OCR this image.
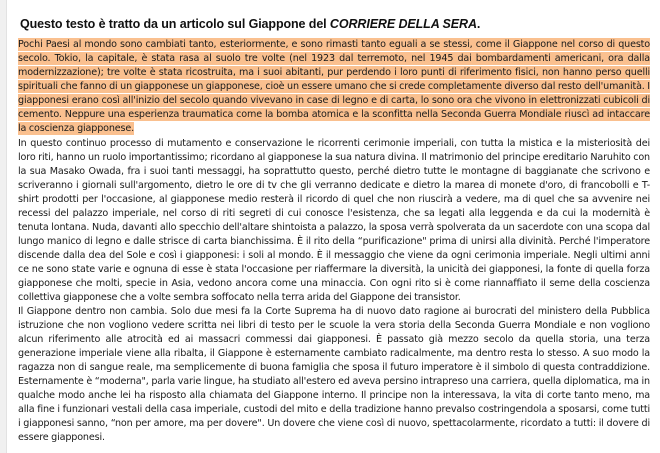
Questo testo è tratto da un articolo sul Giappone del CORRIERE DELLA SERA.

Pochi Paesi al mondo sono cambiati tanto, esteriormente, e sono rimasti tanto eguali a se stessi, come il Giappone nel corso di questo secolo. Tokio, la capitale, è stata rasa al suolo tre volte (nel 1923 dal terremoto, nel 1945 dai bombardamenti americani, ora dalla modernizzazione); tre volte è stata ricostruita, ma i suoi abitanti, pur perdendo i loro punti di riferimento fisici, non hanno perso quelli spirituali che fanno di un giapponese un giapponese, cioè un essere umano che si crede completamente diverso dal resto dell'umanità. I giapponesi erano così all'inizio del secolo quando vivevano in case di legno e di carta, lo sono ora che vivono in elettronizzati cubicoli di cemento. Neppure una esperienza traumatica come la bomba atomica e la sconfitta nella Seconda Guerra Mondiale riuscì ad intaccare la coscienza giapponese.

In questo continuo processo di mutamento e conservazione le ricorrenti cerimonie imperiali, con tutta la mistica e la misteriosità dei loro riti, hanno un ruolo importantissimo; ricordano al giapponese la sua natura divina. Il matrimonio del principe ereditario Naruhito con la sua Masako Owada, fra i suoi tanti messaggi, ha soprattutto questo, perché dietro tutte le montagne di baggianate che scrivono e scriveranno i giornali sull'argomento, dietro le ore di tv che gli verranno dedicate e dietro la marea di monete d'oro, di francobolli e T-shirt prodotti per l'occasione, al giapponese medio resterà il ricordo di quel che non riuscirà a vedere, ma di quel che sa avvenire nei recessi del palazzo imperiale, nel corso di riti segreti di cui conosce l'esistenza, che sa legati alla leggenda e da cui la modernità è tenuta lontana. Nuda, davanti allo specchio dell'altare shintoista a palazzo, la sposa verrà spolverata da un sacerdote con una scopa dal lungo manico di legno e dalle strisce di carta bianchissima. È il rito della “purificazione" prima di unirsi alla divinità. Perché l'imperatore discende dalla dea del Sole e così i giapponesi: i soli al mondo. È il messaggio che viene da ogni cerimonia imperiale. Negli ultimi anni ce ne sono state varie e ognuna di esse è stata l'occasione per riaffermare la diversità, la unicità dei giapponesi, la fonte di quella forza giapponese che molti, specie in Asia, vedono ancora come una minaccia. Con ogni rito si è come riannaffiato il seme della coscienza collettiva giapponese che a volte sembra soffocato nella terra arida del Giappone dei transistor.

Il Giappone dentro non cambia. Solo due mesi fa la Corte Suprema ha di nuovo dato ragione ai burocrati del ministero della Pubblica istruzione che non vogliono vedere scritta nei libri di testo per le scuole la vera storia della Seconda Guerra Mondiale e non vogliono alcun riferimento alle atrocità ed ai massacri commessi dai giapponesi. È passato già mezzo secolo da quella storia, una terza generazione imperiale viene alla ribalta, il Giappone è esternamente cambiato radicalmente, ma dentro resta lo stesso. A suo modo la ragazza non di sangue reale, ma semplicemente di buona famiglia che sposa il futuro imperatore è il simbolo di questa contraddizione. Esternamente è “moderna", parla varie lingue, ha studiato all'estero ed aveva persino intrapreso una carriera, quella diplomatica, ma in qualche modo anche lei ha risposto alla chiamata del Giappone interno. Il principe non la interessava, la vita di corte tanto meno, ma alla fine i funzionari vestali della casa imperiale, custodi del mito e della tradizione hanno prevalso costringendola a sposarsi, come tutti i giapponesi sanno, “non per amore, ma per dovere". Un dovere che viene così di nuovo, spettacolarmente, ricordato a tutti: il dovere di essere giapponesi.
